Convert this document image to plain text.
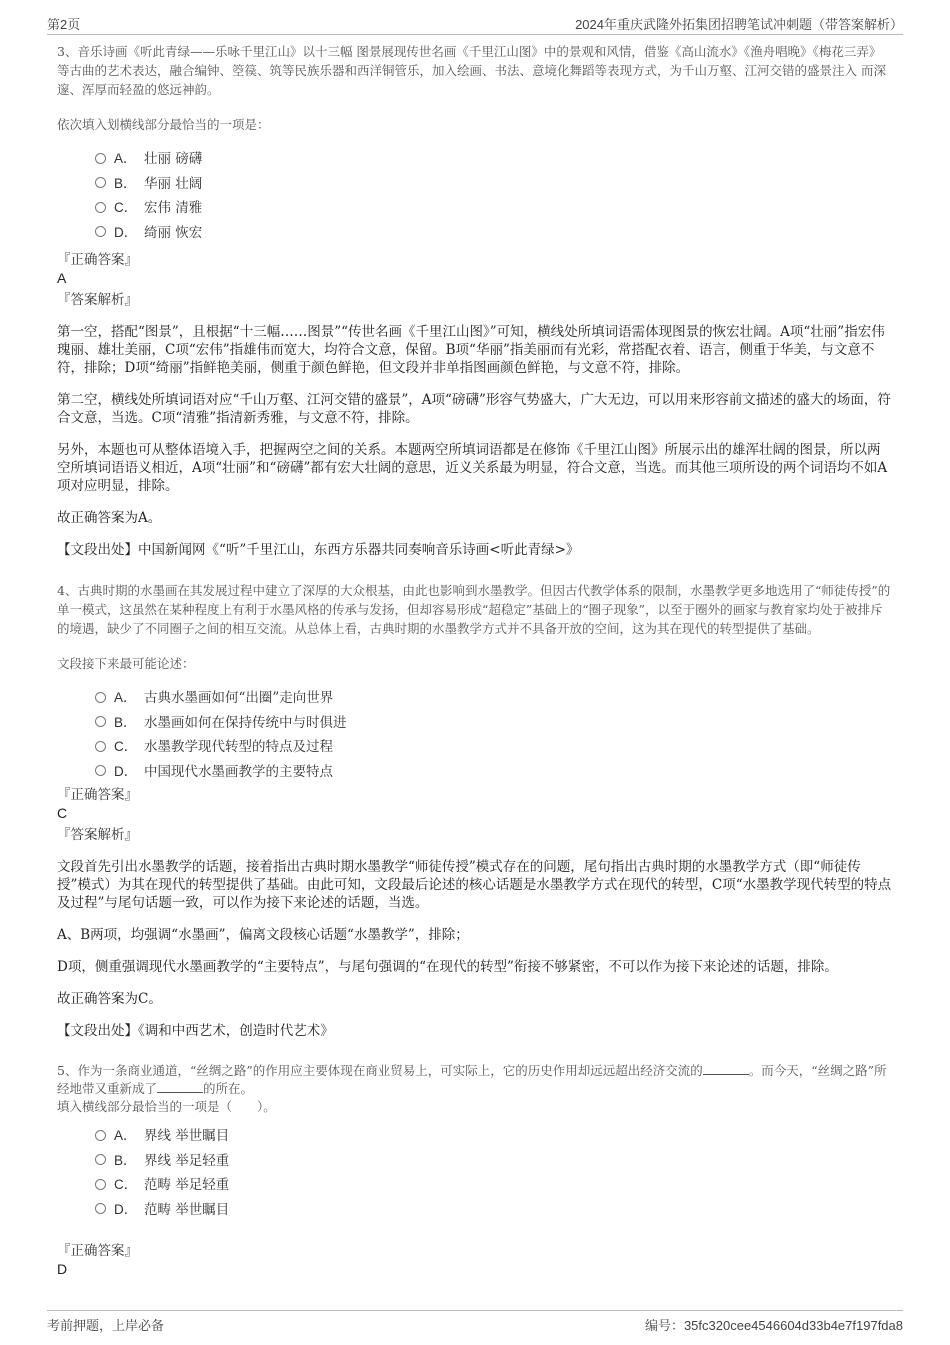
第2页	2024年重庆武隆外拓集团招聘笔试冲刺题（带答案解析）

3、音乐诗画《听此青绿——乐咏千里江山》以十三幅 图景展现传世名画《千里江山图》中的景观和风情，借鉴《高山流水》《渔舟唱晚》《梅花三弄》等古曲的艺术表达，融合编钟、箜篌、筑等民族乐器和西洋铜管乐，加入绘画、书法、意境化舞蹈等表现方式，为千山万壑、江河交错的盛景注入 而深邃、浑厚而轻盈的悠远神韵。

依次填入划横线部分最恰当的一项是：

A． 壮丽 磅礴
B． 华丽 壮阔
C． 宏伟 清雅
D． 绮丽 恢宏
『正确答案』
A
『答案解析』

第一空，搭配“图景”，且根据“十三幅……图景”“传世名画《千里江山图》”可知，横线处所填词语需体现图景的恢宏壮阔。A项“壮丽”指宏伟瑰丽、雄壮美丽，C项“宏伟”指雄伟而宽大，均符合文意，保留。B项“华丽”指美丽而有光彩，常搭配衣着、语言，侧重于华美，与文意不符，排除；D项“绮丽”指鲜艳美丽，侧重于颜色鲜艳，但文段并非单指图画颜色鲜艳，与文意不符，排除。

第二空，横线处所填词语对应“千山万壑、江河交错的盛景”，A项“磅礴”形容气势盛大，广大无边，可以用来形容前文描述的盛大的场面，符合文意，当选。C项“清雅”指清新秀雅，与文意不符，排除。

另外，本题也可从整体语境入手，把握两空之间的关系。本题两空所填词语都是在修饰《千里江山图》所展示出的雄浑壮阔的图景，所以两空所填词语语义相近，A项“壮丽”和“磅礴”都有宏大壮阔的意思，近义关系最为明显，符合文意，当选。而其他三项所设的两个词语均不如A项对应明显，排除。

故正确答案为A。

【文段出处】中国新闻网《“听”千里江山，东西方乐器共同奏响音乐诗画<听此青绿>》

4、古典时期的水墨画在其发展过程中建立了深厚的大众根基，由此也影响到水墨教学。但因古代教学体系的限制，水墨教学更多地选用了“师徒传授”的单一模式，这虽然在某种程度上有利于水墨风格的传承与发扬，但却容易形成“超稳定”基础上的“圈子现象”，以至于圈外的画家与教育家均处于被排斥的境遇，缺少了不同圈子之间的相互交流。从总体上看，古典时期的水墨教学方式并不具备开放的空间，这为其在现代的转型提供了基础。

文段接下来最可能论述：

A． 古典水墨画如何“出圈”走向世界
B． 水墨画如何在保持传统中与时俱进
C． 水墨教学现代转型的特点及过程
D． 中国现代水墨画教学的主要特点
『正确答案』
C
『答案解析』

文段首先引出水墨教学的话题，接着指出古典时期水墨教学“师徒传授”模式存在的问题，尾句指出古典时期的水墨教学方式（即“师徒传授”模式）为其在现代的转型提供了基础。由此可知，文段最后论述的核心话题是水墨教学方式在现代的转型，C项“水墨教学现代转型的特点及过程”与尾句话题一致，可以作为接下来论述的话题，当选。

A、B两项，均强调“水墨画”，偏离文段核心话题“水墨教学”，排除；

D项，侧重强调现代水墨画教学的“主要特点”，与尾句强调的“在现代的转型”衔接不够紧密，不可以作为接下来论述的话题，排除。

故正确答案为C。

【文段出处】《调和中西艺术，创造时代艺术》

5、作为一条商业通道，“丝绸之路”的作用应主要体现在商业贸易上，可实际上，它的历史作用却远远超出经济交流的	。而今天，“丝绸之路”所经地带又重新成了	的所在。

填入横线部分最恰当的一项是（　　）。

A． 界线 举世瞩目
B． 界线 举足轻重
C． 范畴 举足轻重
D． 范畴 举世瞩目
『正确答案』
D
考前押题，上岸必备	编号：35fc320cee4546604d33b4e7f197fda8
